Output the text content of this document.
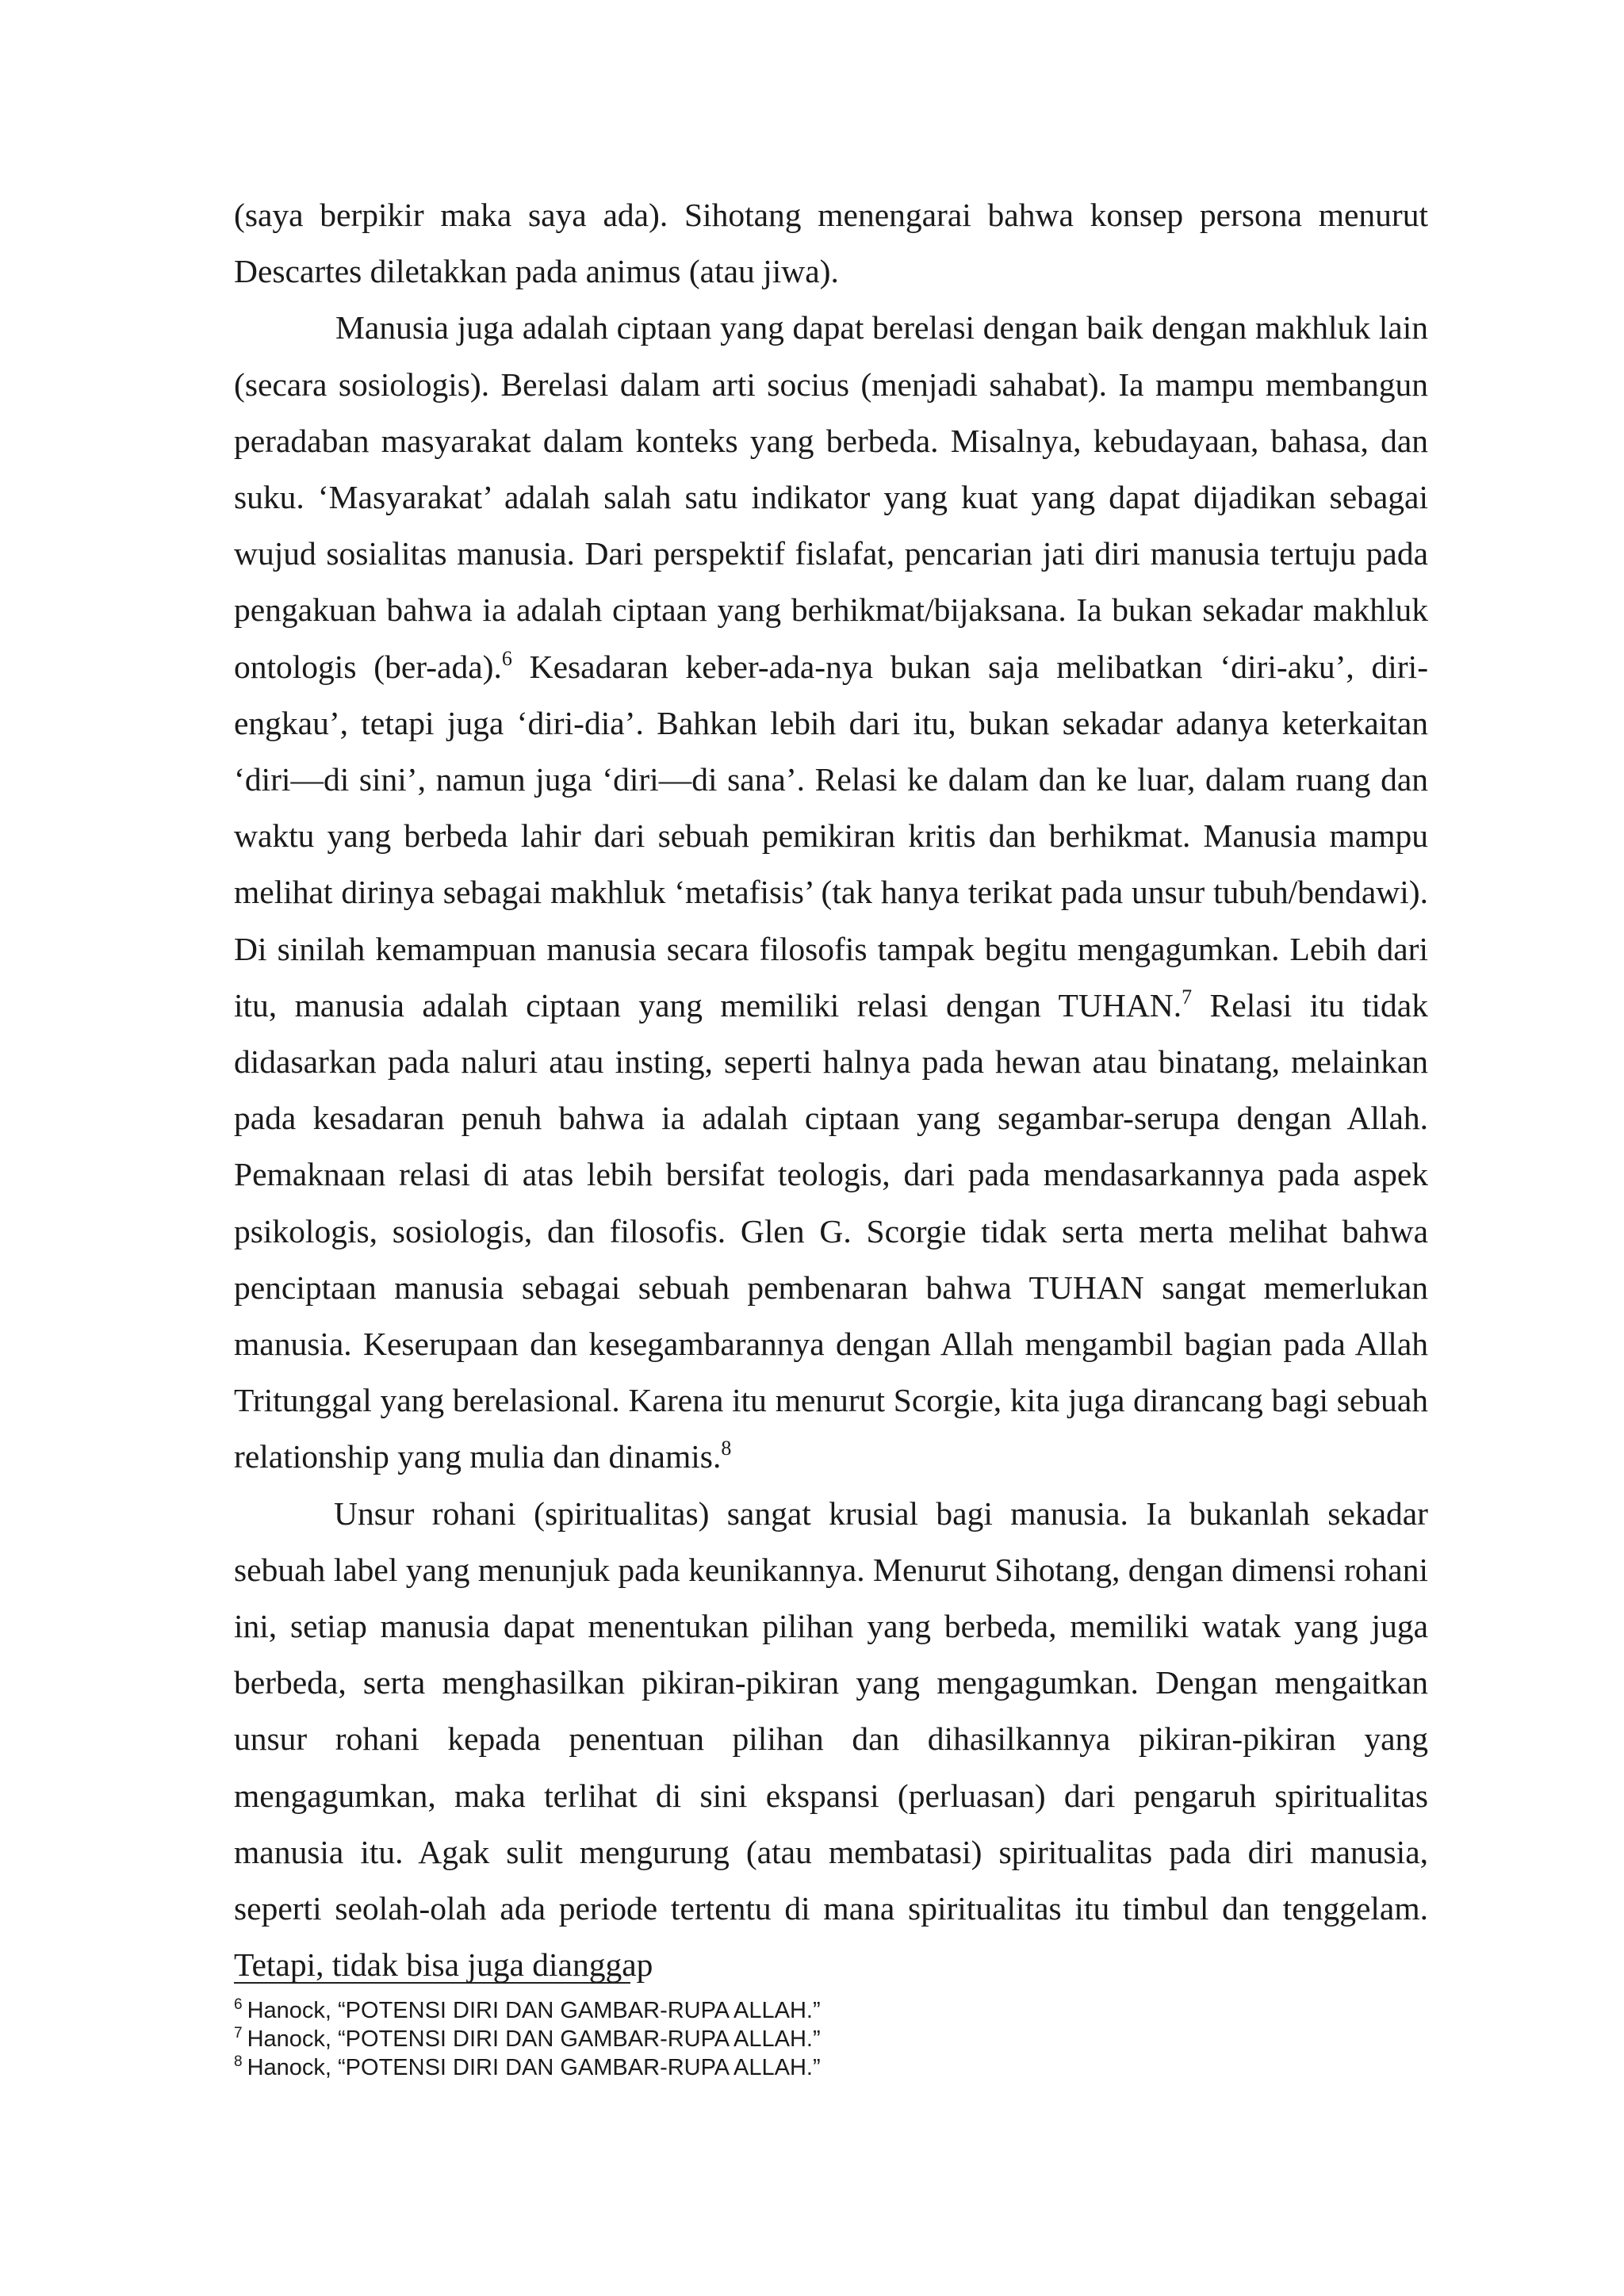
(saya berpikir maka saya ada). Sihotang menengarai bahwa konsep persona menurut Descartes diletakkan pada animus (atau jiwa).

Manusia juga adalah ciptaan yang dapat berelasi dengan baik dengan makhluk lain (secara sosiologis). Berelasi dalam arti socius (menjadi sahabat). Ia mampu membangun peradaban masyarakat dalam konteks yang berbeda. Misalnya, kebudayaan, bahasa, dan suku. ‘Masyarakat’ adalah salah satu indikator yang kuat yang dapat dijadikan sebagai wujud sosialitas manusia. Dari perspektif fislafat, pencarian jati diri manusia tertuju pada pengakuan bahwa ia adalah ciptaan yang berhikmat/bijaksana. Ia bukan sekadar makhluk ontologis (ber-ada).$^6$ Kesadaran keber-ada-nya bukan saja melibatkan ‘diri-aku’, diri-engkau’, tetapi juga ‘diri-dia’. Bahkan lebih dari itu, bukan sekadar adanya keterkaitan ‘diri—di sini’, namun juga ‘diri—di sana’. Relasi ke dalam dan ke luar, dalam ruang dan waktu yang berbeda lahir dari sebuah pemikiran kritis dan berhikmat. Manusia mampu melihat dirinya sebagai makhluk ‘metafisis’ (tak hanya terikat pada unsur tubuh/bendawi). Di sinilah kemampuan manusia secara filosofis tampak begitu mengagumkan. Lebih dari itu, manusia adalah ciptaan yang memiliki relasi dengan TUHAN.$^7$ Relasi itu tidak didasarkan pada naluri atau insting, seperti halnya pada hewan atau binatang, melainkan pada kesadaran penuh bahwa ia adalah ciptaan yang segambar-serupa dengan Allah. Pemaknaan relasi di atas lebih bersifat teologis, dari pada mendasarkannya pada aspek psikologis, sosiologis, dan filosofis. Glen G. Scorgie tidak serta merta melihat bahwa penciptaan manusia sebagai sebuah pembenaran bahwa TUHAN sangat memerlukan manusia. Keserupaan dan kesegambarannya dengan Allah mengambil bagian pada Allah Tritunggal yang berelasional. Karena itu menurut Scorgie, kita juga dirancang bagi sebuah relationship yang mulia dan dinamis.$^8$

Unsur rohani (spiritualitas) sangat krusial bagi manusia. Ia bukanlah sekadar sebuah label yang menunjuk pada keunikannya. Menurut Sihotang, dengan dimensi rohani ini, setiap manusia dapat menentukan pilihan yang berbeda, memiliki watak yang juga berbeda, serta menghasilkan pikiran-pikiran yang mengagumkan. Dengan mengaitkan unsur rohani kepada penentuan pilihan dan dihasilkannya pikiran-pikiran yang mengagumkan, maka terlihat di sini ekspansi (perluasan) dari pengaruh spiritualitas manusia itu. Agak sulit mengurung (atau membatasi) spiritualitas pada diri manusia, seperti seolah-olah ada periode tertentu di mana spiritualitas itu timbul dan tenggelam. Tetapi, tidak bisa juga dianggap

$^6$ Hanock, “POTENSI DIRI DAN GAMBAR-RUPA ALLAH.”

$^7$ Hanock, “POTENSI DIRI DAN GAMBAR-RUPA ALLAH.”

$^8$ Hanock, “POTENSI DIRI DAN GAMBAR-RUPA ALLAH.”
